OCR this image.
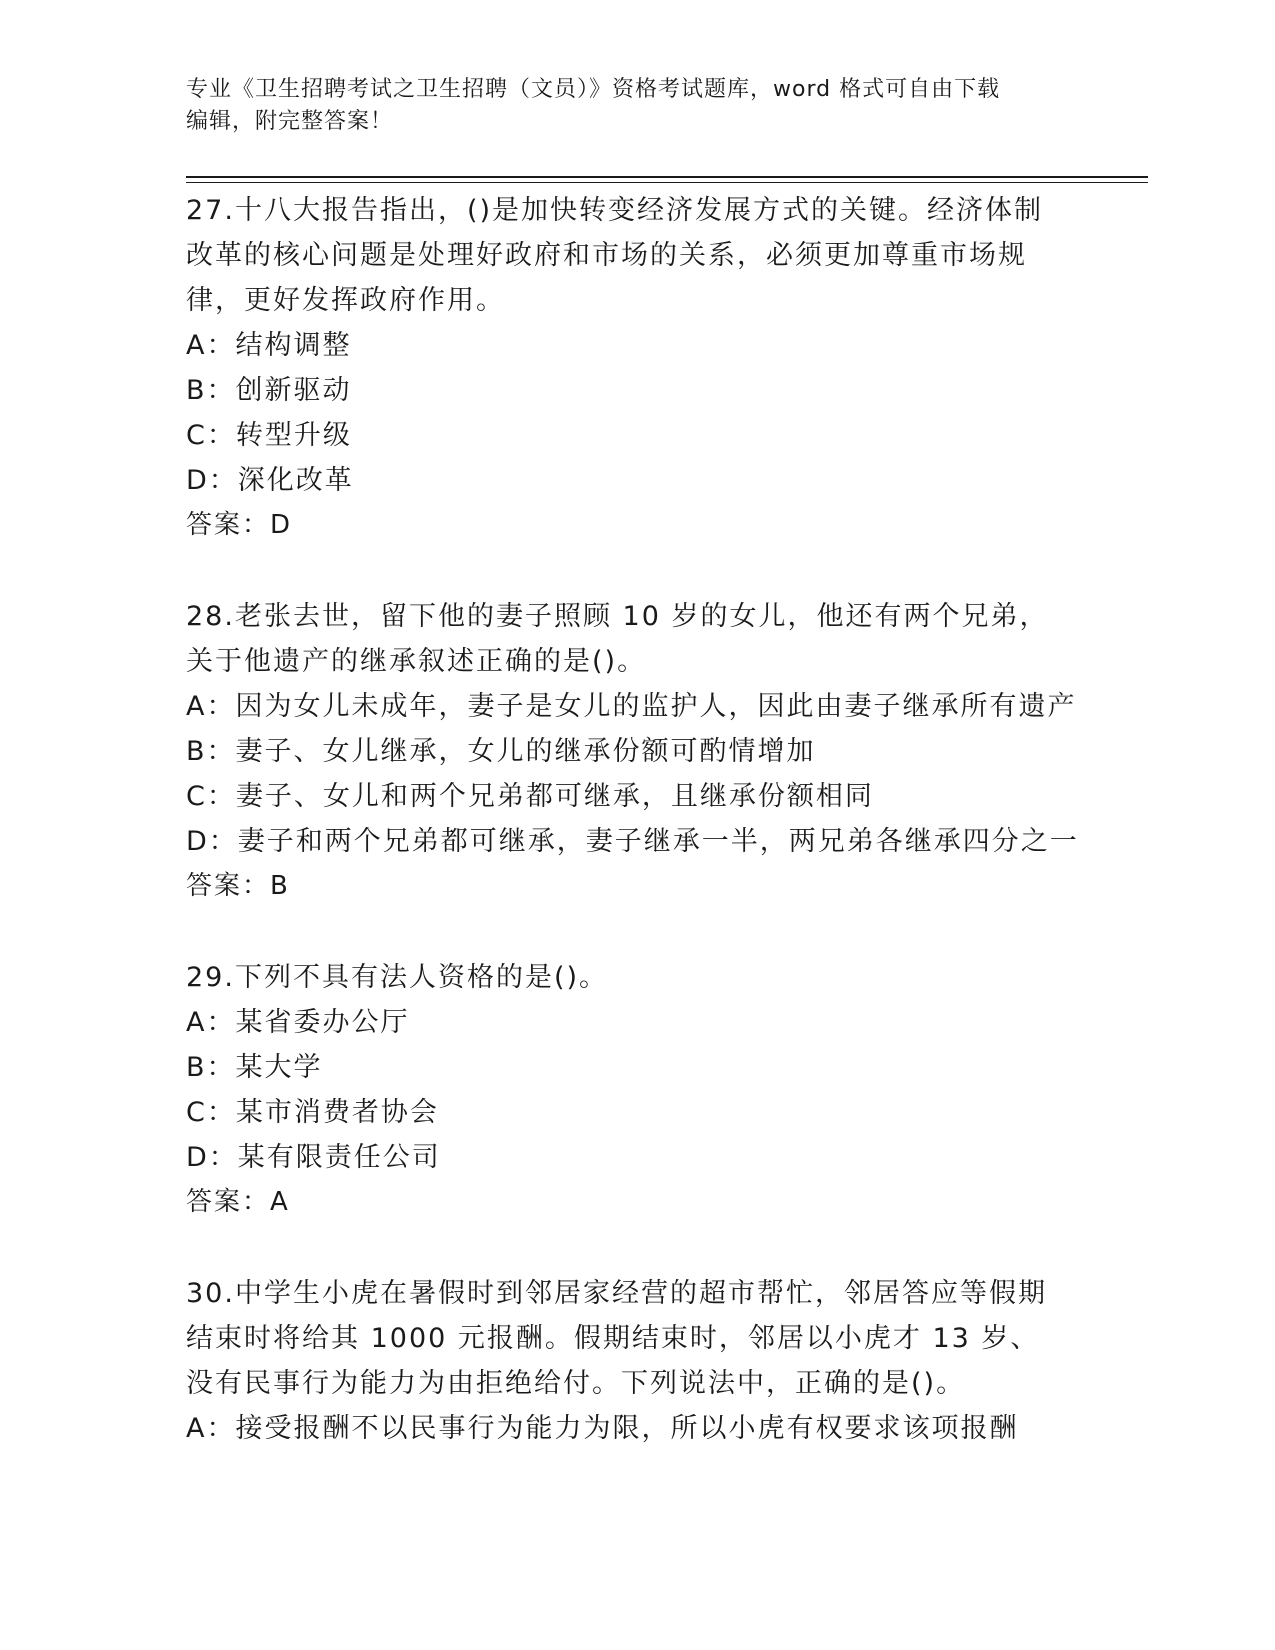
专业《卫生招聘考试之卫生招聘（文员）》资格考试题库，word 格式可自由下载
编辑，附完整答案！

27.十八大报告指出，()是加快转变经济发展方式的关键。经济体制改革的核心问题是处理好政府和市场的关系，必须更加尊重市场规律，更好发挥政府作用。

A：结构调整

B：创新驱动

C：转型升级

D：深化改革

答案：D

28.老张去世，留下他的妻子照顾 10 岁的女儿，他还有两个兄弟，关于他遗产的继承叙述正确的是()。

A：因为女儿未成年，妻子是女儿的监护人，因此由妻子继承所有遗产

B：妻子、女儿继承，女儿的继承份额可酌情增加

C：妻子、女儿和两个兄弟都可继承，且继承份额相同

D：妻子和两个兄弟都可继承，妻子继承一半，两兄弟各继承四分之一

答案：B

29.下列不具有法人资格的是()。

A：某省委办公厅

B：某大学

C：某市消费者协会

D：某有限责任公司

答案：A

30.中学生小虎在暑假时到邻居家经营的超市帮忙，邻居答应等假期结束时将给其 1000 元报酬。假期结束时，邻居以小虎才 13 岁、没有民事行为能力为由拒绝给付。下列说法中，正确的是()。

A：接受报酬不以民事行为能力为限，所以小虎有权要求该项报酬
